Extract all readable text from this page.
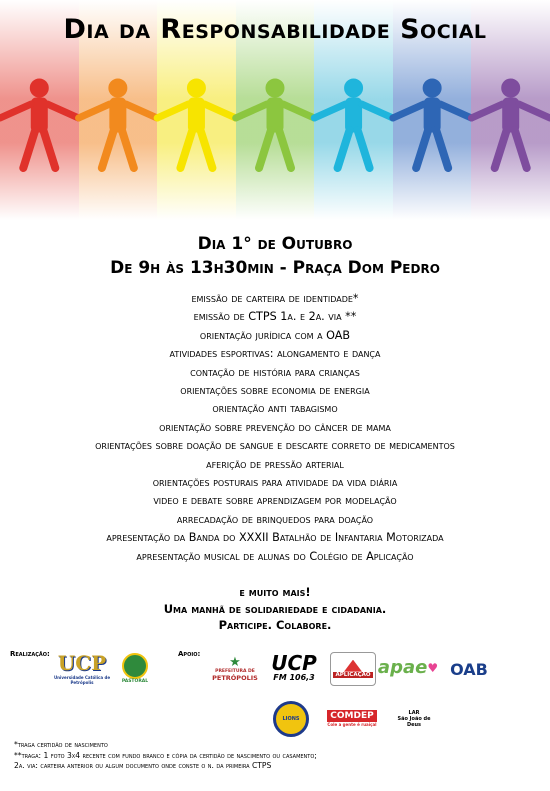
Dia da Responsabilidade Social
Dia 1° de Outubro
De 9h às 13h30min - Praça Dom Pedro
emissão de carteira de identidade*
emissão de CTPS 1a. e 2a. via **
orientação jurídica com a OAB
atividades esportivas: alongamento e dança
contação de história para crianças
orientações sobre economia de energia
orientação anti tabagismo
orientação sobre prevenção do câncer de mama
orientações sobre doação de sangue e descarte correto de medicamentos
aferição de pressão arterial
orientações posturais para atividade da vida diária
video e debate sobre aprendizagem por modelação
arrecadação de brinquedos para doação
apresentação da Banda do XXXII Batalhão de Infantaria Motorizada
apresentação musical de alunas do Colégio de Aplicação
e muito mais!
Uma manhã de solidariedade e cidadania.
Participe. Colabore.
Realização: UCP
Universidade Católica de Petrópolis	PASTORAL
Apoio:
★
PREFEITURA DE
PETRÓPOLIS
UCP
FM 106,3	APLICAÇÃO apae ♥ OAB
LIONS	COMDEP
Cole a gente é ruaiçal
LAR
São João de Deus
*traga certidão de nascimento
**traga: 1 foto 3x4 recente com fundo branco e cópia da certidão de nascimento ou casamento;
2a. via: carteira anterior ou algum documento onde conste o n. da primeira CTPS
